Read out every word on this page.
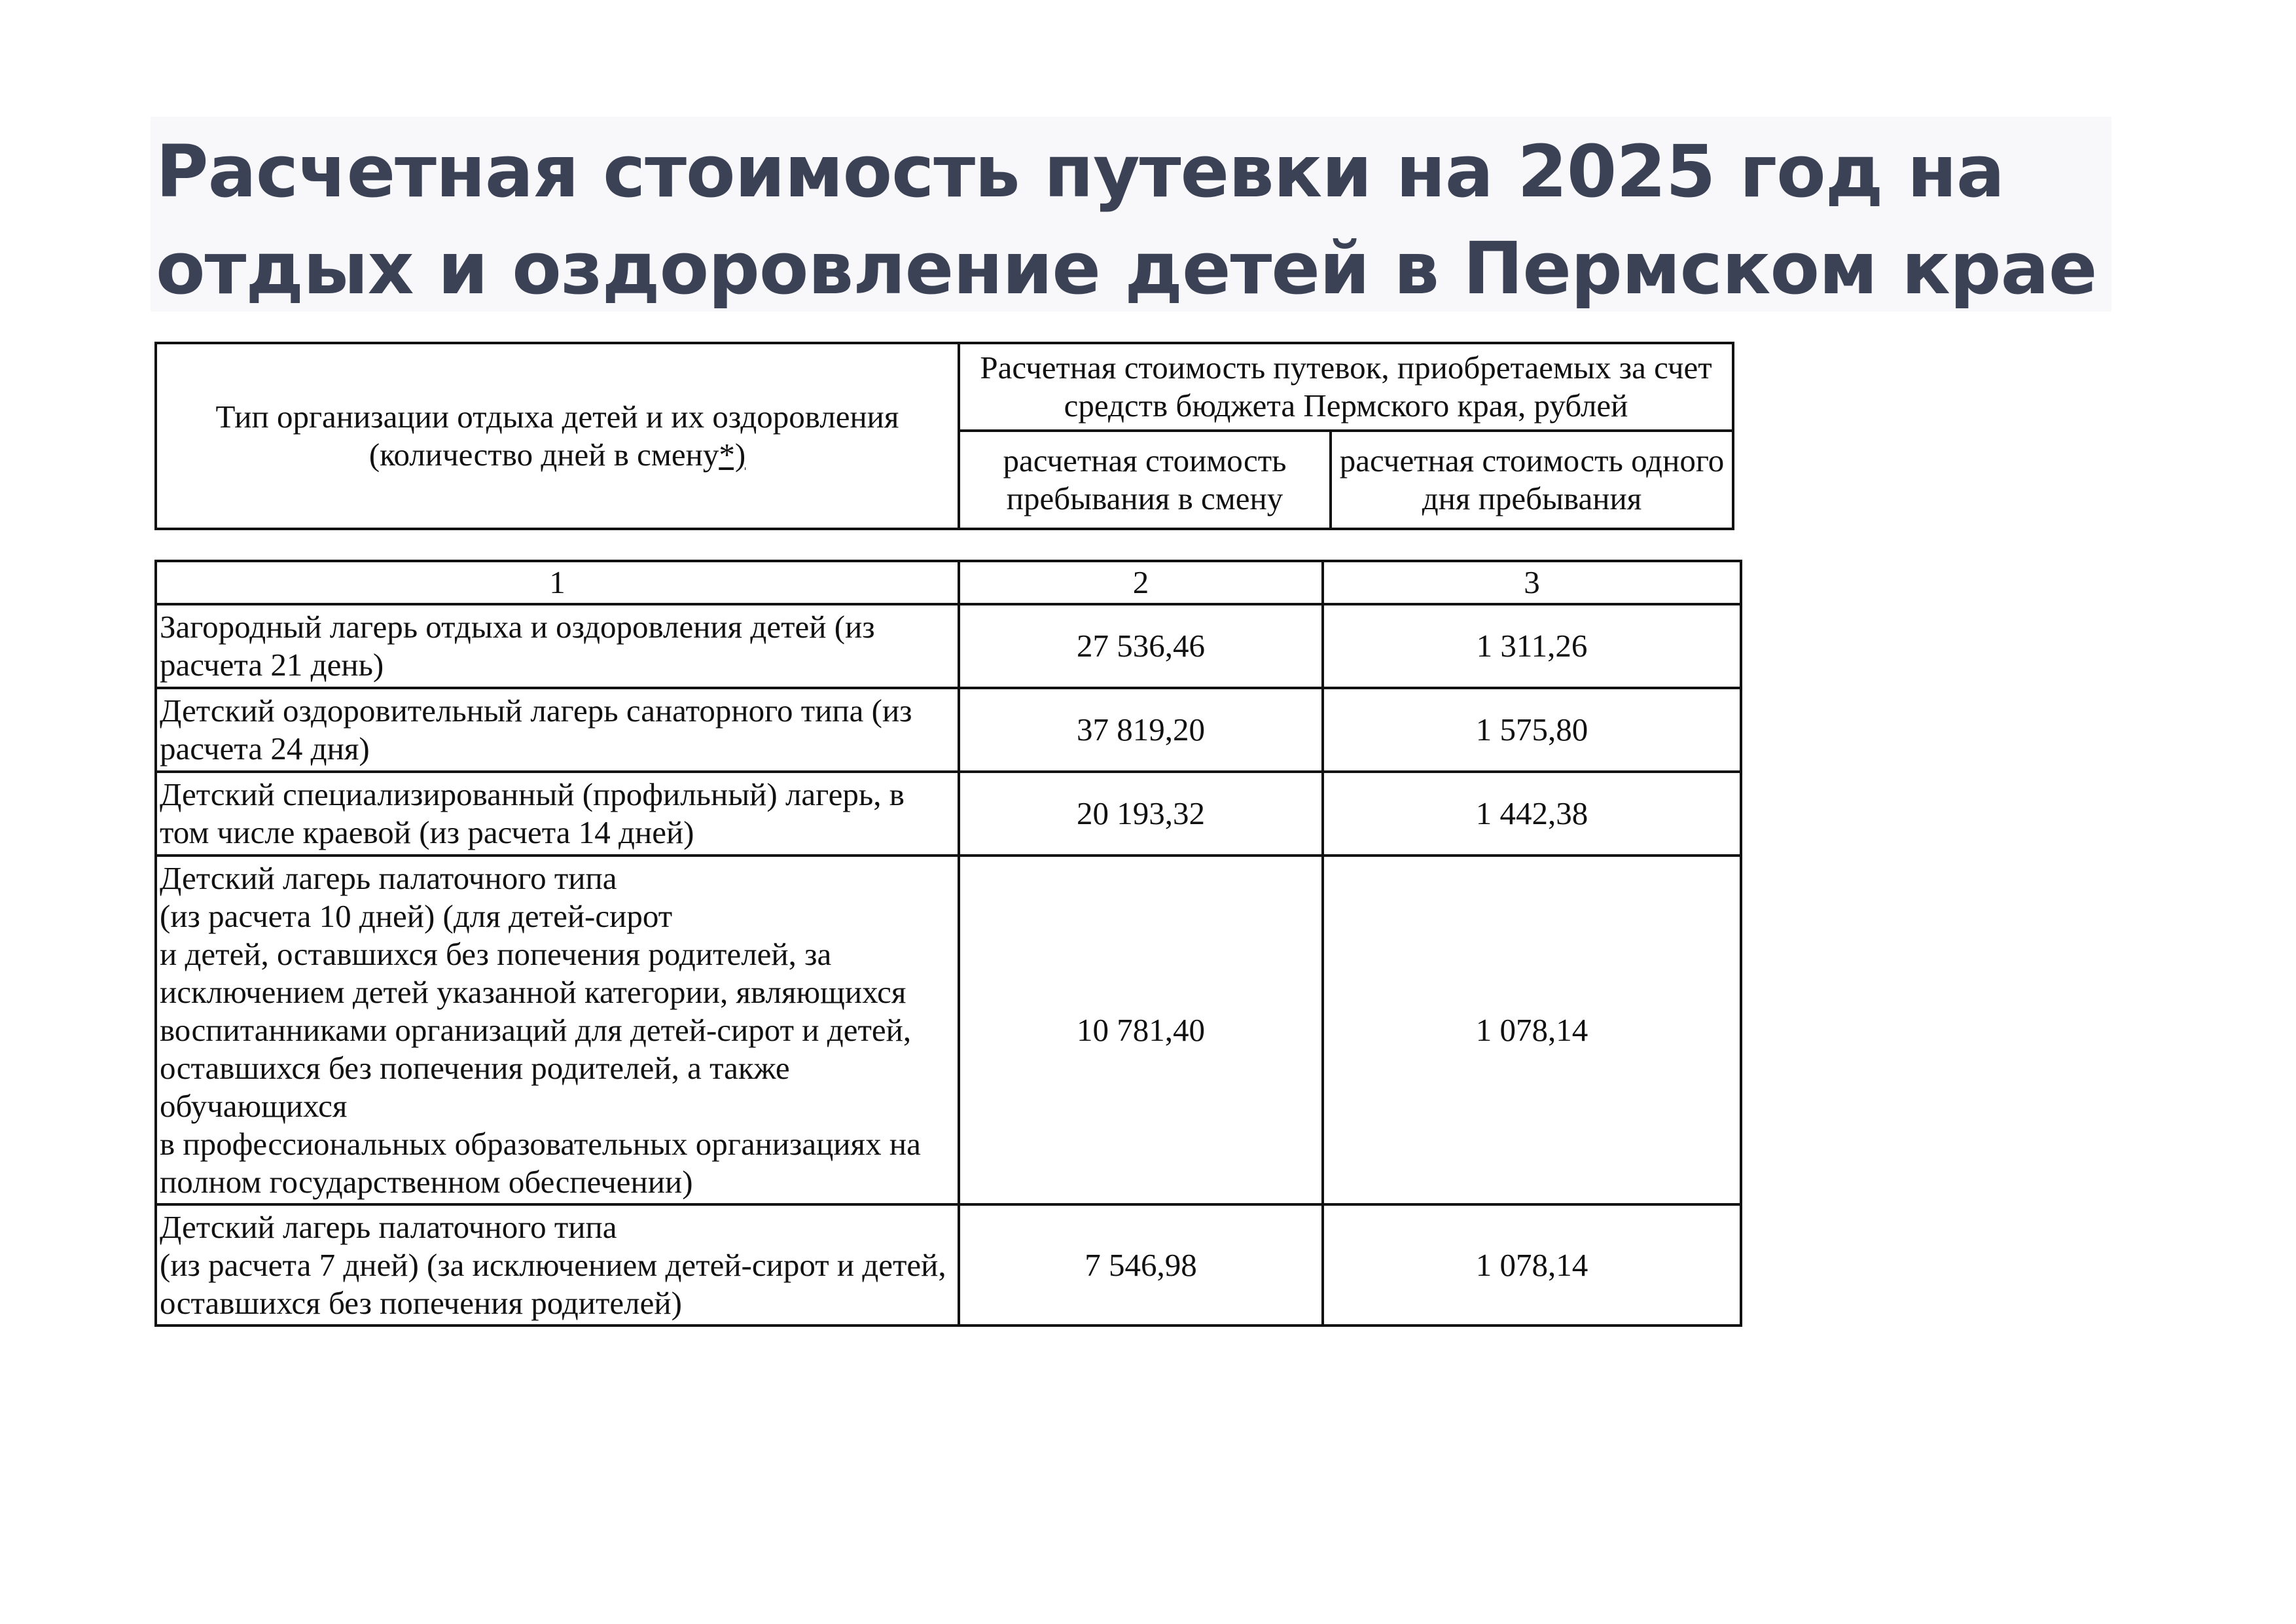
Расчетная стоимость путевки на 2025 год на отдых и оздоровление детей в Пермском крае
Тип организации отдыха детей и их оздоровления
(количество дней в смену*)	Расчетная стоимость путевок, приобретаемых за счет средств бюджета Пермского края, рублей	
	расчетная стоимость пребывания в смену	расчетная стоимость одного дня пребывания
1	2	3

Загородный лагерь отдыха и оздоровления детей (из расчета 21 день)	27 536,46	1 311,26

Детский оздоровительный лагерь санаторного типа (из расчета 24 дня)	37 819,20	1 575,80

Детский специализированный (профильный) лагерь, в том числе краевой (из расчета 14 дней)	20 193,32	1 442,38

Детский лагерь палаточного типа
(из расчета 10 дней) (для детей-сирот
и детей, оставшихся без попечения родителей, за исключением детей указанной категории, являющихся воспитанниками организаций для детей-сирот и детей, оставшихся без попечения родителей, а также обучающихся
в профессиональных образовательных организациях на полном государственном обеспечении)	10 781,40	1 078,14

Детский лагерь палаточного типа
(из расчета 7 дней) (за исключением детей-сирот и детей, оставшихся без попечения родителей)	7 546,98	1 078,14
